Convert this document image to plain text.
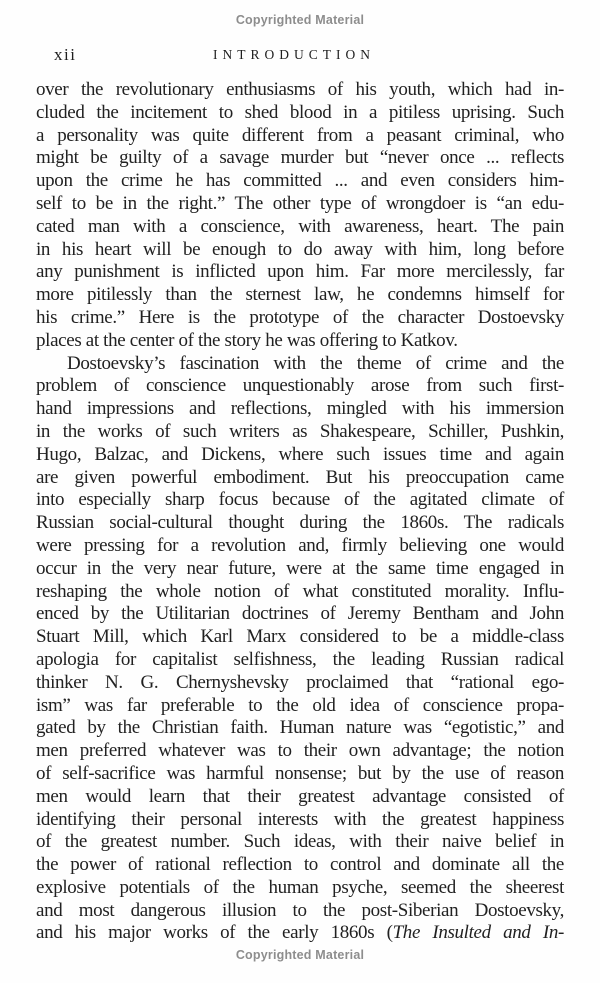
Copyrighted Material
xii	INTRODUCTION
over the revolutionary enthusiasms of his youth, which had in-
cluded the incitement to shed blood in a pitiless uprising. Such
a personality was quite different from a peasant criminal, who
might be guilty of a savage murder but “never once ... reflects
upon the crime he has committed ... and even considers him-
self to be in the right.” The other type of wrongdoer is “an edu-
cated man with a conscience, with awareness, heart. The pain
in his heart will be enough to do away with him, long before
any punishment is inflicted upon him. Far more mercilessly, far
more pitilessly than the sternest law, he condemns himself for
his crime.” Here is the prototype of the character Dostoevsky
places at the center of the story he was offering to Katkov.
Dostoevsky’s fascination with the theme of crime and the
problem of conscience unquestionably arose from such first-
hand impressions and reflections, mingled with his immersion
in the works of such writers as Shakespeare, Schiller, Pushkin,
Hugo, Balzac, and Dickens, where such issues time and again
are given powerful embodiment. But his preoccupation came
into especially sharp focus because of the agitated climate of
Russian social-cultural thought during the 1860s. The radicals
were pressing for a revolution and, firmly believing one would
occur in the very near future, were at the same time engaged in
reshaping the whole notion of what constituted morality. Influ-
enced by the Utilitarian doctrines of Jeremy Bentham and John
Stuart Mill, which Karl Marx considered to be a middle-class
apologia for capitalist selfishness, the leading Russian radical
thinker N. G. Chernyshevsky proclaimed that “rational ego-
ism” was far preferable to the old idea of conscience propa-
gated by the Christian faith. Human nature was “egotistic,” and
men preferred whatever was to their own advantage; the notion
of self-sacrifice was harmful nonsense; but by the use of reason
men would learn that their greatest advantage consisted of
identifying their personal interests with the greatest happiness
of the greatest number. Such ideas, with their naive belief in
the power of rational reflection to control and dominate all the
explosive potentials of the human psyche, seemed the sheerest
and most dangerous illusion to the post-Siberian Dostoevsky,
and his major works of the early 1860s (The Insulted and In-
Copyrighted Material
